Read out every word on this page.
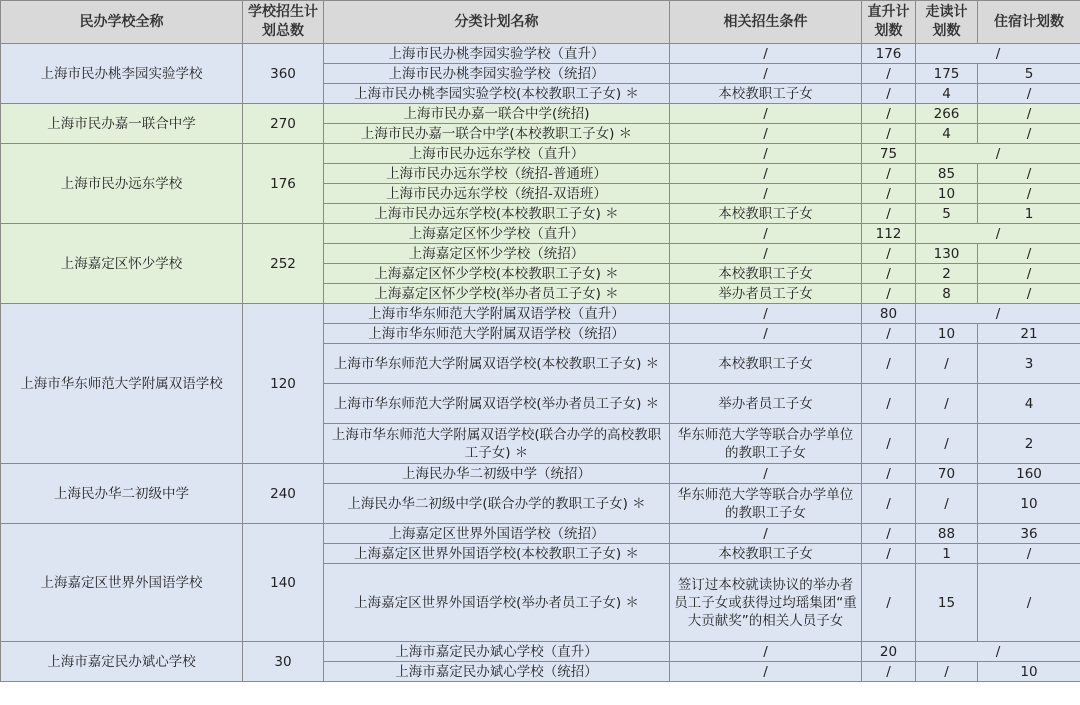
民办学校全称	学校招生计划总数	分类计划名称	相关招生条件	直升计划数	走读计划数	住宿计划数
上海市民办桃李园实验学校	360	上海市民办桃李园实验学校（直升）	/	176	/	
		上海市民办桃李园实验学校（统招）	/	/	175	5
		上海市民办桃李园实验学校(本校教职工子女) ＊	本校教职工子女	/	4	/
上海市民办嘉一联合中学	270	上海市民办嘉一联合中学(统招)	/	/	266	/
		上海市民办嘉一联合中学(本校教职工子女) ＊	/	/	4	/
上海市民办远东学校	176	上海市民办远东学校（直升）	/	75	/	
		上海市民办远东学校（统招-普通班）	/	/	85	/
		上海市民办远东学校（统招-双语班）	/	/	10	/
		上海市民办远东学校(本校教职工子女) ＊	本校教职工子女	/	5	1
上海嘉定区怀少学校	252	上海嘉定区怀少学校（直升）	/	112	/	
		上海嘉定区怀少学校（统招）	/	/	130	/
		上海嘉定区怀少学校(本校教职工子女) ＊	本校教职工子女	/	2	/
		上海嘉定区怀少学校(举办者员工子女) ＊	举办者员工子女	/	8	/
上海市华东师范大学附属双语学校	120	上海市华东师范大学附属双语学校（直升）	/	80	/	
		上海市华东师范大学附属双语学校（统招）	/	/	10	21
		上海市华东师范大学附属双语学校(本校教职工子女) ＊	本校教职工子女	/	/	3
		上海市华东师范大学附属双语学校(举办者员工子女) ＊	举办者员工子女	/	/	4
		上海市华东师范大学附属双语学校(联合办学的高校教职工子女) ＊	华东师范大学等联合办学单位的教职工子女	/	/	2
上海民办华二初级中学	240	上海民办华二初级中学（统招）	/	/	70	160
		上海民办华二初级中学(联合办学的教职工子女) ＊	华东师范大学等联合办学单位的教职工子女	/	/	10
上海嘉定区世界外国语学校	140	上海嘉定区世界外国语学校（统招）	/	/	88	36
		上海嘉定区世界外国语学校(本校教职工子女) ＊	本校教职工子女	/	1	/
		上海嘉定区世界外国语学校(举办者员工子女) ＊	签订过本校就读协议的举办者员工子女或获得过均瑶集团“重大贡献奖”的相关人员子女	/	15	/
上海市嘉定民办斌心学校	30	上海市嘉定民办斌心学校（直升）	/	20	/	
		上海市嘉定民办斌心学校（统招）	/	/	/	10
